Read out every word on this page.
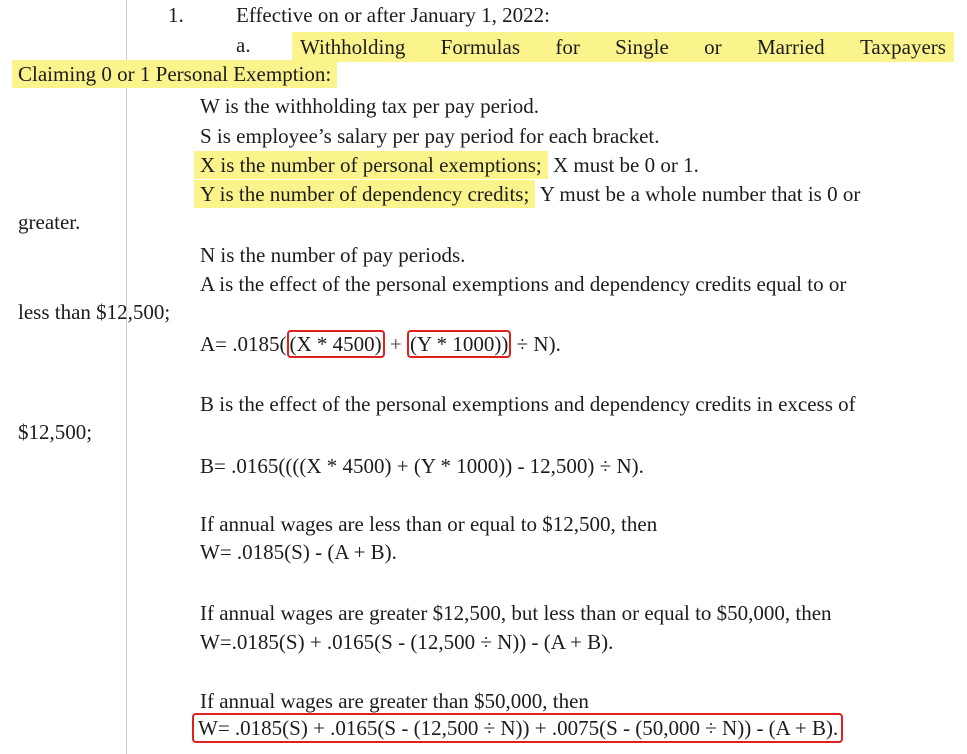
1. Effective on or after January 1, 2022:
a. Withholding Formulas for Single or Married Taxpayers
Claiming 0 or 1 Personal Exemption:
W is the withholding tax per pay period.
S is employee’s salary per pay period for each bracket.
X is the number of personal exemptions; X must be 0 or 1.
Y is the number of dependency credits; Y must be a whole number that is 0 or
greater.
N is the number of pay periods.
A is the effect of the personal exemptions and dependency credits equal to or
less than $12,500;
A= .0185( (X * 4500) + (Y * 1000)) ÷ N).
B is the effect of the personal exemptions and dependency credits in excess of
$12,500;
B= .0165((((X * 4500) + (Y * 1000)) - 12,500) ÷ N).
If annual wages are less than or equal to $12,500, then
W= .0185(S) - (A + B).
If annual wages are greater $12,500, but less than or equal to $50,000, then
W=.0185(S) + .0165(S - (12,500 ÷ N)) - (A + B).
If annual wages are greater than $50,000, then
W= .0185(S) + .0165(S - (12,500 ÷ N)) + .0075(S - (50,000 ÷ N)) - (A + B).
